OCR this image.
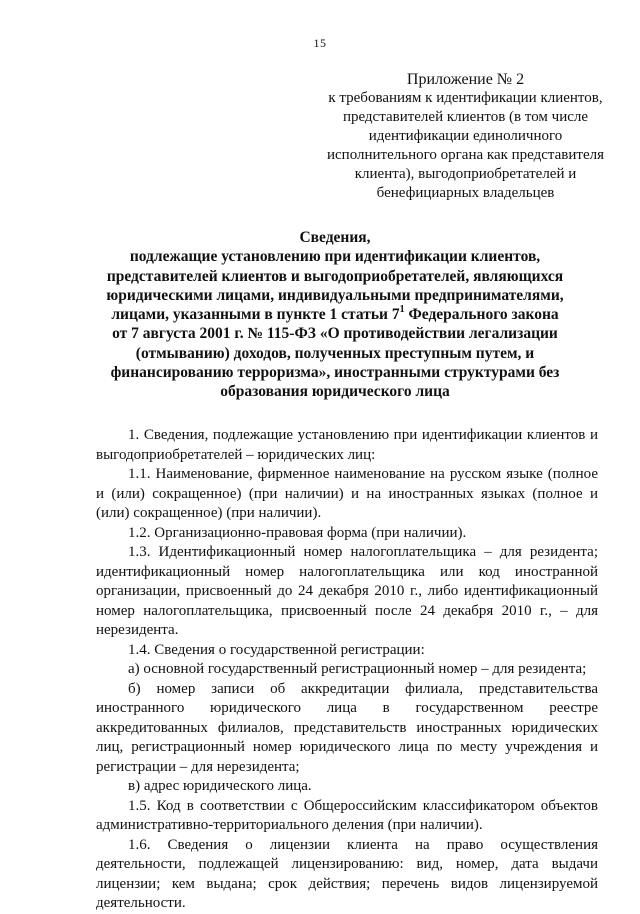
15
Приложение № 2
к требованиям к идентификации клиентов,
представителей клиентов (в том числе
идентификации единоличного
исполнительного органа как представителя
клиента), выгодоприобретателей и
бенефициарных владельцев
Сведения,
подлежащие установлению при идентификации клиентов,
представителей клиентов и выгодоприобретателей, являющихся
юридическими лицами, индивидуальными предпринимателями,
лицами, указанными в пункте 1 статьи $7^1$ Федерального закона
от 7 августа 2001 г. № 115-ФЗ «О противодействии легализации
(отмыванию) доходов, полученных преступным путем, и
финансированию терроризма», иностранными структурами без
образования юридического лица

1. Сведения, подлежащие установлению при идентификации клиентов и выгодоприобретателей – юридических лиц:

1.1. Наименование, фирменное наименование на русском языке (полное и (или) сокращенное) (при наличии) и на иностранных языках (полное и (или) сокращенное) (при наличии).

1.2. Организационно-правовая форма (при наличии).

1.3. Идентификационный номер налогоплательщика – для резидента; идентификационный номер налогоплательщика или код иностранной организации, присвоенный до 24 декабря 2010 г., либо идентификационный номер налогоплательщика, присвоенный после 24 декабря 2010 г., – для нерезидента.

1.4. Сведения о государственной регистрации:

а) основной государственный регистрационный номер – для резидента;

б) номер записи об аккредитации филиала, представительства иностранного юридического лица в государственном реестре аккредитованных филиалов, представительств иностранных юридических лиц, регистрационный номер юридического лица по месту учреждения и регистрации – для нерезидента;

в) адрес юридического лица.

1.5. Код в соответствии с Общероссийским классификатором объектов административно-территориального деления (при наличии).

1.6. Сведения о лицензии клиента на право осуществления деятельности, подлежащей лицензированию: вид, номер, дата выдачи лицензии; кем выдана; срок действия; перечень видов лицензируемой деятельности.
